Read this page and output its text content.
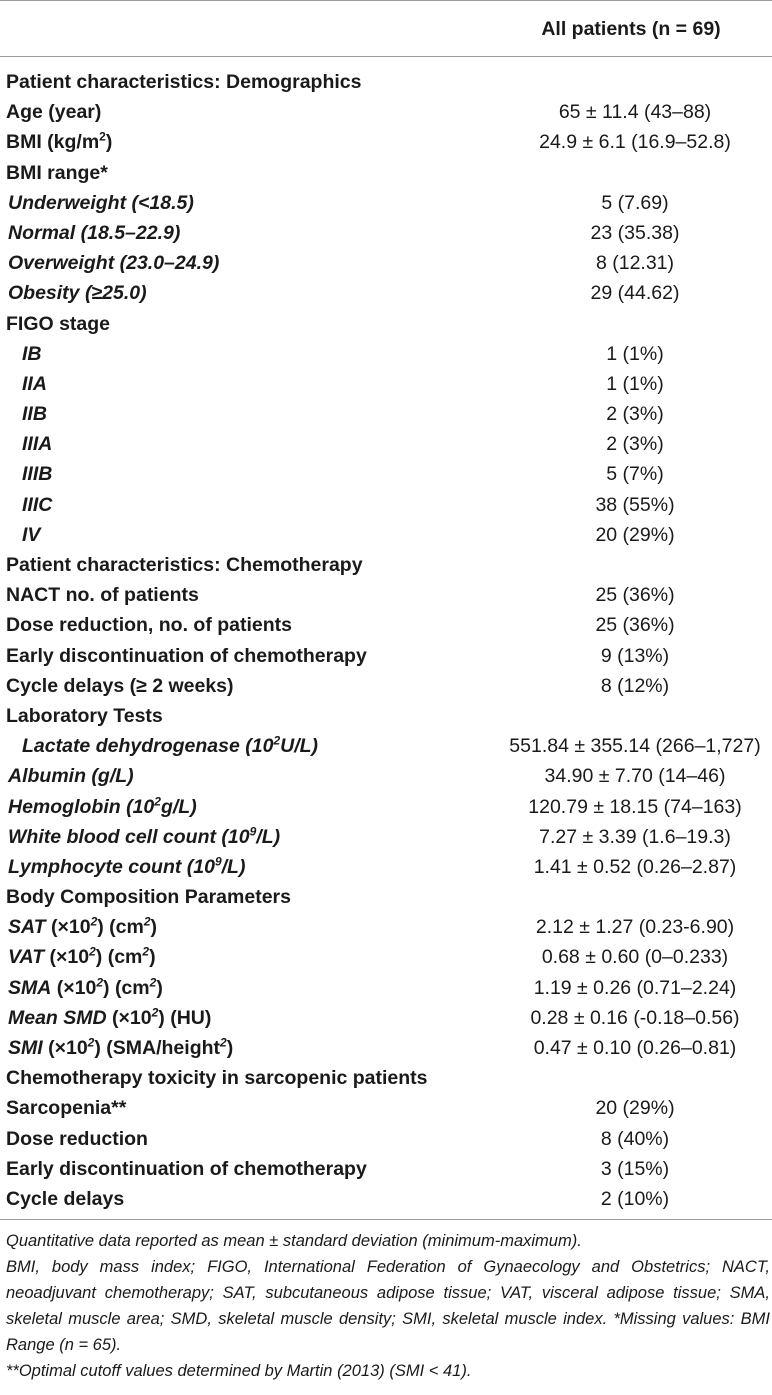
All patients (n = 69)
Patient characteristics: Demographics
Age (year)	65 ± 11.4 (43–88)
BMI $(kg/m^2)$	24.9 ± 6.1 (16.9–52.8)
BMI range*
Underweight (<18.5)	5 (7.69)
Normal (18.5–22.9)	23 (35.38)
Overweight (23.0–24.9)	8 (12.31)
Obesity (≥25.0)	29 (44.62)
FIGO stage
IB	1 (1%)
IIA	1 (1%)
IIB	2 (3%)
IIIA	2 (3%)
IIIB	5 (7%)
IIIC	38 (55%)
IV	20 (29%)
Patient characteristics: Chemotherapy
NACT no. of patients	25 (36%)
Dose reduction, no. of patients	25 (36%)
Early discontinuation of chemotherapy	9 (13%)
Cycle delays (≥ 2 weeks)	8 (12%)
Laboratory Tests
Lactate dehydrogenase $(10^2U/L)$	551.84 ± 355.14 (266–1,727)
Albumin (g/L)	34.90 ± 7.70 (14–46)
Hemoglobin $(10^2g/L)$	120.79 ± 18.15 (74–163)
White blood cell count $(10^9/L)$	7.27 ± 3.39 (1.6–19.3)
Lymphocyte count $(10^9/L)$	1.41 ± 0.52 (0.26–2.87)
Body Composition Parameters
SAT $(\times 10^2)$ $(cm^2)$	2.12 ± 1.27 (0.23-6.90)
VAT $(\times 10^2)$ $(cm^2)$	0.68 ± 0.60 (0–0.233)
SMA $(\times 10^2)$ $(cm^2)$	1.19 ± 0.26 (0.71–2.24)
Mean SMD $(\times 10^2)$ (HU)	0.28 ± 0.16 (-0.18–0.56)
SMI $(\times 10^2)$ (SMA/height$^2$)	0.47 ± 0.10 (0.26–0.81)
Chemotherapy toxicity in sarcopenic patients
Sarcopenia**	20 (29%)
Dose reduction	8 (40%)
Early discontinuation of chemotherapy	3 (15%)
Cycle delays	2 (10%)

Quantitative data reported as mean ± standard deviation (minimum-maximum).

BMI, body mass index; FIGO, International Federation of Gynaecology and Obstetrics; NACT, neoadjuvant chemotherapy; SAT, subcutaneous adipose tissue; VAT, visceral adipose tissue; SMA, skeletal muscle area; SMD, skeletal muscle density; SMI, skeletal muscle index. *Missing values: BMI Range (n = 65).

**Optimal cutoff values determined by Martin (2013) (SMI < 41).
